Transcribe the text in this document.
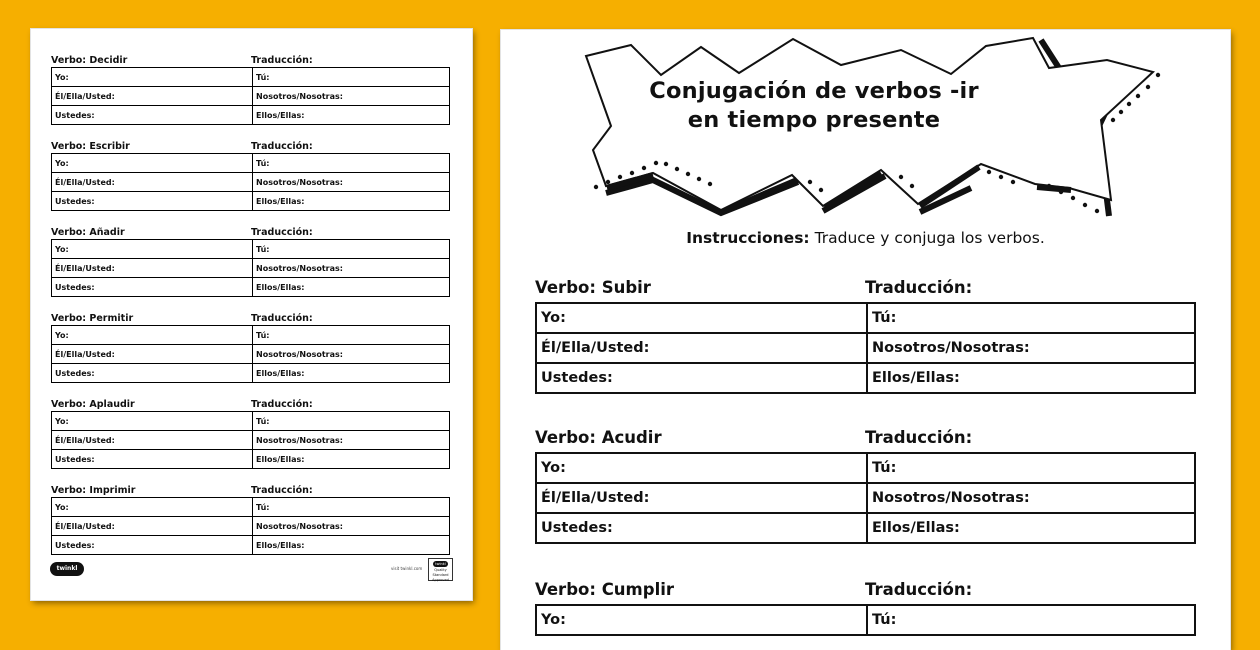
Verbo: Decidir	Traducción:
Yo:	Tú:
Él/Ella/Usted:	Nosotros/Nosotras:
Ustedes:	Ellos/Ellas:
Verbo: Escribir	Traducción:
Yo:	Tú:
Él/Ella/Usted:	Nosotros/Nosotras:
Ustedes:	Ellos/Ellas:
Verbo: Añadir	Traducción:
Yo:	Tú:
Él/Ella/Usted:	Nosotros/Nosotras:
Ustedes:	Ellos/Ellas:
Verbo: Permitir	Traducción:
Yo:	Tú:
Él/Ella/Usted:	Nosotros/Nosotras:
Ustedes:	Ellos/Ellas:
Verbo: Aplaudir	Traducción:
Yo:	Tú:
Él/Ella/Usted:	Nosotros/Nosotras:
Ustedes:	Ellos/Ellas:
Verbo: Imprimir	Traducción:
Yo:	Tú:
Él/Ella/Usted:	Nosotros/Nosotras:
Ustedes:	Ellos/Ellas:
twinkl	visit twinkl.com
twinkl
Quality Standard Approved
Conjugación de verbos -ir
en tiempo presente
Instrucciones: Traduce y conjuga los verbos.
Verbo: Subir	Traducción:
Yo:	Tú:
Él/Ella/Usted:	Nosotros/Nosotras:
Ustedes:	Ellos/Ellas:
Verbo: Acudir	Traducción:
Yo:	Tú:
Él/Ella/Usted:	Nosotros/Nosotras:
Ustedes:	Ellos/Ellas:
Verbo: Cumplir	Traducción:
Yo:	Tú:
